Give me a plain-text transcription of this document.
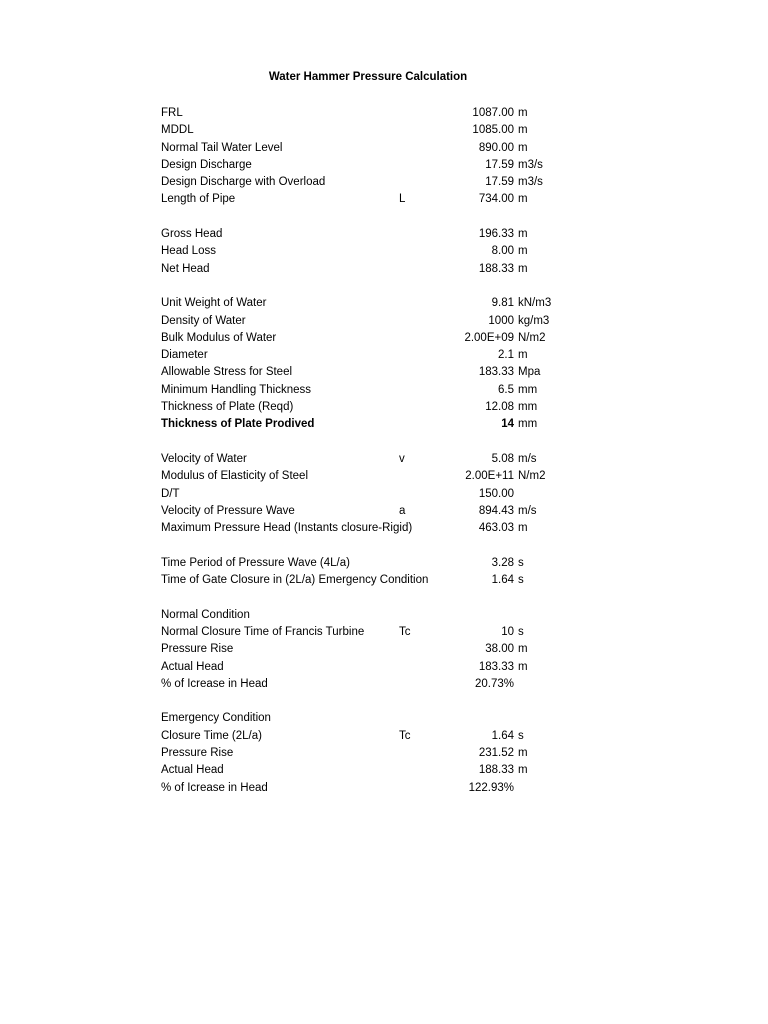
Water Hammer Pressure Calculation
FRL	1087.00 m
MDDL	1085.00 m
Normal Tail Water Level	890.00 m
Design Discharge	17.59 m3/s
Design Discharge with Overload	17.59 m3/s
Length of Pipe	L	734.00 m
Gross Head	196.33 m
Head Loss	8.00 m
Net Head	188.33 m
Unit Weight of Water	9.81 kN/m3
Density of Water	1000 kg/m3
Bulk Modulus of Water	2.00E+09 N/m2
Diameter	2.1 m
Allowable Stress for Steel	183.33 Mpa
Minimum Handling Thickness	6.5 mm
Thickness of Plate (Reqd)	12.08 mm
Thickness of Plate Prodived	14 mm
Velocity of Water	v	5.08 m/s
Modulus of Elasticity of Steel	2.00E+11 N/m2
D/T	150.00
Velocity of Pressure Wave	a	894.43 m/s
Maximum Pressure Head (Instants closure-Rigid)	463.03 m
Time Period of Pressure Wave (4L/a)	3.28 s
Time of Gate Closure in (2L/a) Emergency Condition	1.64 s
Normal Condition
Normal Closure Time of Francis Turbine	Tc	10 s
Pressure Rise	38.00 m
Actual Head	183.33 m
% of Icrease in Head	20.73%
Emergency Condition
Closure Time (2L/a)	Tc	1.64 s
Pressure Rise	231.52 m
Actual Head	188.33 m
% of Icrease in Head	122.93%
